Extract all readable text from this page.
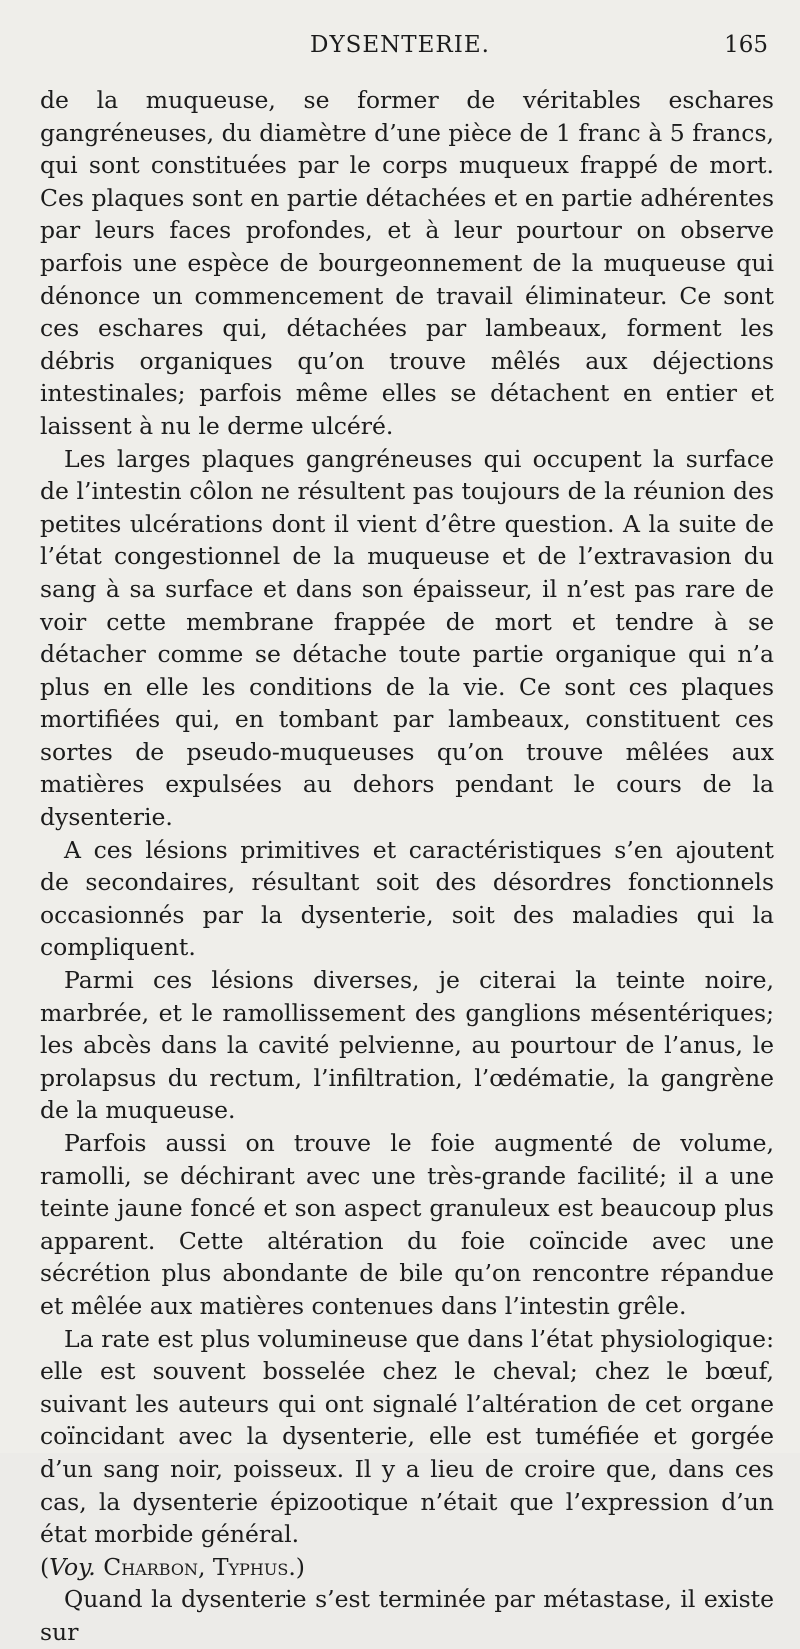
DYSENTERIE.	165

de la muqueuse, se former de véritables eschares gangréneuses, du diamètre d’une pièce de 1 franc à 5 francs, qui sont constituées par le corps muqueux frappé de mort. Ces plaques sont en partie détachées et en partie adhérentes par leurs faces profondes, et à leur pourtour on observe parfois une espèce de bourgeonnement de la muqueuse qui dénonce un commencement de travail éliminateur. Ce sont ces eschares qui, détachées par lambeaux, forment les débris organiques qu’on trouve mêlés aux déjections intestinales; parfois même elles se détachent en entier et laissent à nu le derme ulcéré.

Les larges plaques gangréneuses qui occupent la surface de l’intestin côlon ne résultent pas toujours de la réunion des petites ulcérations dont il vient d’être question. A la suite de l’état congestionnel de la muqueuse et de l’extravasion du sang à sa surface et dans son épaisseur, il n’est pas rare de voir cette membrane frappée de mort et tendre à se détacher comme se détache toute partie organique qui n’a plus en elle les conditions de la vie. Ce sont ces plaques mortifiées qui, en tombant par lambeaux, constituent ces sortes de pseudo-muqueuses qu’on trouve mêlées aux matières expulsées au dehors pendant le cours de la dysenterie.

A ces lésions primitives et caractéristiques s’en ajoutent de secondaires, résultant soit des désordres fonctionnels occasionnés par la dysenterie, soit des maladies qui la compliquent.

Parmi ces lésions diverses, je citerai la teinte noire, marbrée, et le ramollissement des ganglions mésentériques; les abcès dans la cavité pelvienne, au pourtour de l’anus, le prolapsus du rectum, l’infiltration, l’œdématie, la gangrène de la muqueuse.

Parfois aussi on trouve le foie augmenté de volume, ramolli, se déchirant avec une très-grande facilité; il a une teinte jaune foncé et son aspect granuleux est beaucoup plus apparent. Cette altération du foie coïncide avec une sécrétion plus abondante de bile qu’on rencontre répandue et mêlée aux matières contenues dans l’intestin grêle.

La rate est plus volumineuse que dans l’état physiologique: elle est souvent bosselée chez le cheval; chez le bœuf, suivant les auteurs qui ont signalé l’altération de cet organe coïncidant avec la dysenterie, elle est tuméfiée et gorgée d’un sang noir, poisseux. Il y a lieu de croire que, dans ces cas, la dysenterie épizootique n’était que l’expression d’un état morbide général.
(Voy. Charbon, Typhus.)

Quand la dysenterie s’est terminée par métastase, il existe sur
